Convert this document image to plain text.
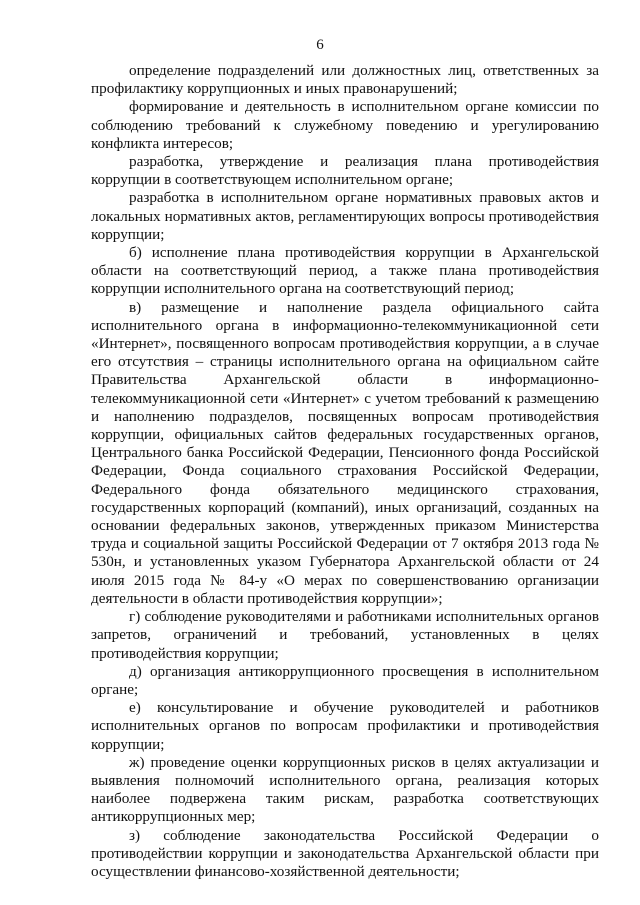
6

определение подразделений или должностных лиц, ответственных за профилактику коррупционных и иных правонарушений;

формирование и деятельность в исполнительном органе комиссии по соблюдению требований к служебному поведению и урегулированию конфликта интересов;

разработка, утверждение и реализация плана противодействия коррупции в соответствующем исполнительном органе;

разработка в исполнительном органе нормативных правовых актов и локальных нормативных актов, регламентирующих вопросы противодействия коррупции;

б) исполнение плана противодействия коррупции в Архангельской области на соответствующий период, а также плана противодействия коррупции исполнительного органа на соответствующий период;

в) размещение и наполнение раздела официального сайта исполнительного органа в информационно-телекоммуникационной сети «Интернет», посвященного вопросам противодействия коррупции, а в случае его отсутствия – страницы исполнительного органа на официальном сайте Правительства Архангельской области в информационно-телекоммуникационной сети «Интернет» с учетом требований к размещению и наполнению подразделов, посвященных вопросам противодействия коррупции, официальных сайтов федеральных государственных органов, Центрального банка Российской Федерации, Пенсионного фонда Российской Федерации, Фонда социального страхования Российской Федерации, Федерального фонда обязательного медицинского страхования, государственных корпораций (компаний), иных организаций, созданных на основании федеральных законов, утвержденных приказом Министерства труда и социальной защиты Российской Федерации от 7 октября 2013 года № 530н, и установленных указом Губернатора Архангельской области от 24 июля 2015 года № 84-у «О мерах по совершенствованию организации деятельности в области противодействия коррупции»;

г) соблюдение руководителями и работниками исполнительных органов запретов, ограничений и требований, установленных в целях противодействия коррупции;

д) организация антикоррупционного просвещения в исполнительном органе;

е) консультирование и обучение руководителей и работников исполнительных органов по вопросам профилактики и противодействия коррупции;

ж) проведение оценки коррупционных рисков в целях актуализации и выявления полномочий исполнительного органа, реализация которых наиболее подвержена таким рискам, разработка соответствующих антикоррупционных мер;

з) соблюдение законодательства Российской Федерации о противодействии коррупции и законодательства Архангельской области при осуществлении финансово-хозяйственной деятельности;
